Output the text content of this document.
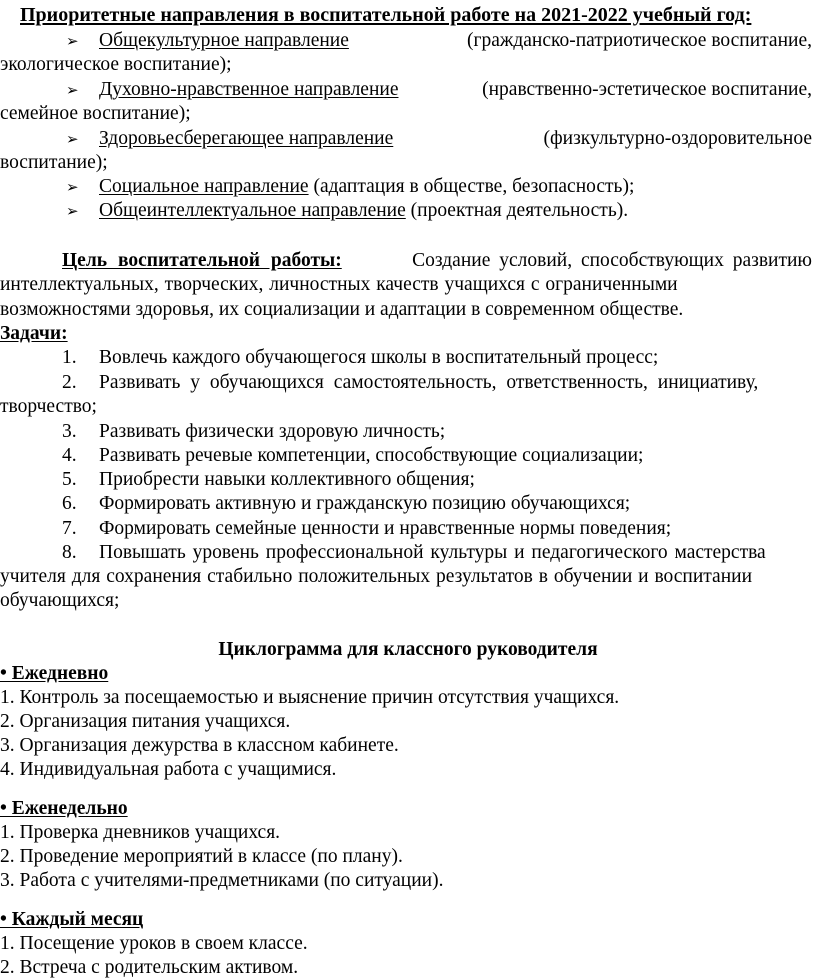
Приоритетные направления в воспитательной работе на 2021-2022 учебный год:
➢ Общекультурное направление	(гражданско-патриотическое воспитание,
экологическое воспитание);
➢ Духовно-нравственное направление	(нравственно-эстетическое воспитание,
семейное воспитание);
➢ Здоровьесберегающее направление	(физкультурно-оздоровительное
воспитание);
➢ Социальное направление (адаптация в обществе, безопасность);
➢ Общеинтеллектуальное направление (проектная деятельность).
Цель воспитательной работы:	Создание условий, способствующих развитию
интеллектуальных, творческих, личностных качеств учащихся с ограниченными
возможностями здоровья, их социализации и адаптации в современном обществе.
Задачи:
1. Вовлечь каждого обучающегося школы в воспитательный процесс;
2. Развивать у обучающихся самостоятельность, ответственность, инициативу,
творчество;
3. Развивать физически здоровую личность;
4. Развивать речевые компетенции, способствующие социализации;
5. Приобрести навыки коллективного общения;
6. Формировать активную и гражданскую позицию обучающихся;
7. Формировать семейные ценности и нравственные нормы поведения;
8. Повышать уровень профессиональной культуры и педагогического мастерства
учителя для сохранения стабильно положительных результатов в обучении и воспитании
обучающихся;
Циклограмма для классного руководителя
• Ежедневно
1. Контроль за посещаемостью и выяснение причин отсутствия учащихся.
2. Организация питания учащихся.
3. Организация дежурства в классном кабинете.
4. Индивидуальная работа с учащимися.
• Еженедельно
1. Проверка дневников учащихся.
2. Проведение мероприятий в классе (по плану).
3. Работа с учителями-предметниками (по ситуации).
• Каждый месяц
1. Посещение уроков в своем классе.
2. Встреча с родительским активом.
